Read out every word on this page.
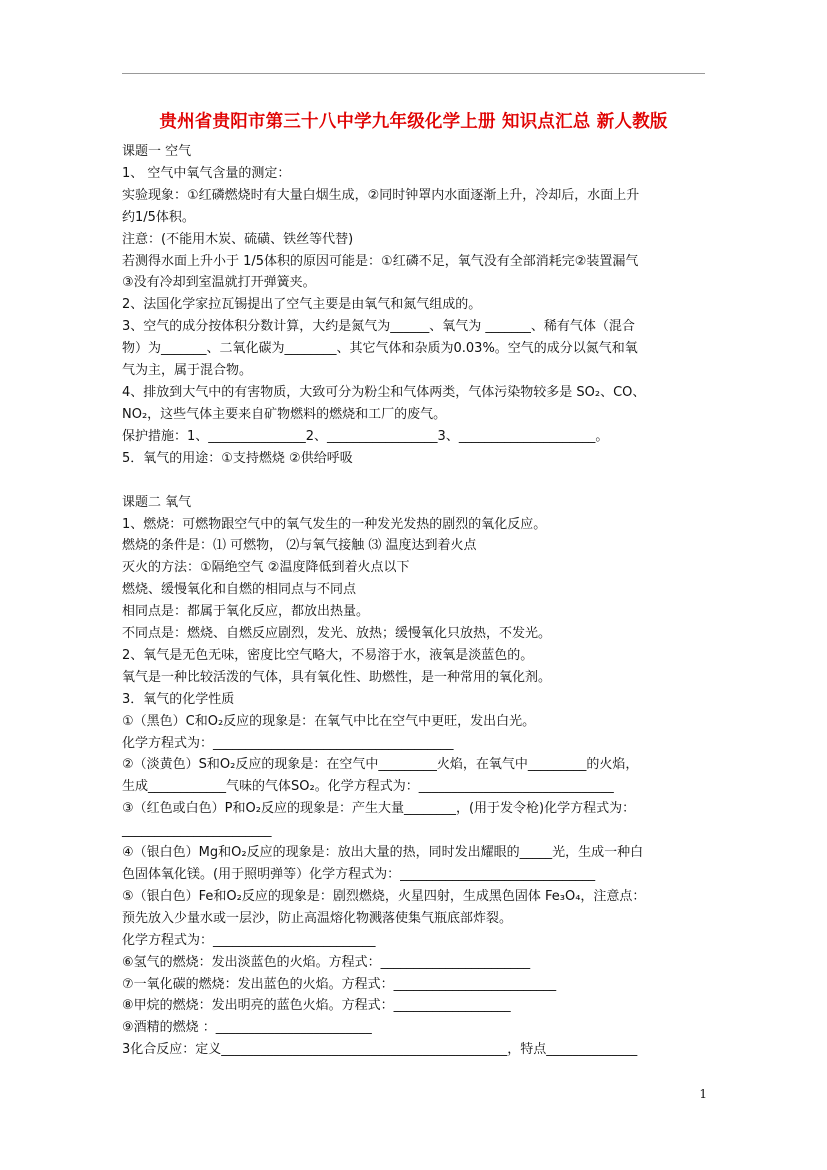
贵州省贵阳市第三十八中学九年级化学上册 知识点汇总 新人教版

课题一 空气

1、 空气中氧气含量的测定：

实验现象：①红磷燃烧时有大量白烟生成，②同时钟罩内水面逐渐上升，冷却后，水面上升

约1/5体积。

注意：(不能用木炭、硫磺、铁丝等代替)

若测得水面上升小于 1/5体积的原因可能是：①红磷不足，氧气没有全部消耗完②装置漏气

③没有冷却到室温就打开弹簧夹。

2、法国化学家拉瓦锡提出了空气主要是由氧气和氮气组成的。

3、空气的成分按体积分数计算，大约是氮气为______、氧气为 _______、稀有气体（混合

物）为_______、二氧化碳为________、其它气体和杂质为0.03%。空气的成分以氮气和氧

气为主，属于混合物。

4、排放到大气中的有害物质，大致可分为粉尘和气体两类，气体污染物较多是 SO₂、CO、

NO₂，这些气体主要来自矿物燃料的燃烧和工厂的废气。

保护措施：1、_______________2、_________________3、_____________________。

5．氧气的用途：①支持燃烧 ②供给呼吸

课题二 氧气

1、燃烧：可燃物跟空气中的氧气发生的一种发光发热的剧烈的氧化反应。

燃烧的条件是：⑴ 可燃物， ⑵与氧气接触 ⑶ 温度达到着火点

灭火的方法：①隔绝空气 ②温度降低到着火点以下

燃烧、缓慢氧化和自燃的相同点与不同点

相同点是：都属于氧化反应，都放出热量。

不同点是：燃烧、自燃反应剧烈，发光、放热；缓慢氧化只放热，不发光。

2、氧气是无色无味，密度比空气略大，不易溶于水，液氧是淡蓝色的。

氧气是一种比较活泼的气体，具有氧化性、助燃性，是一种常用的氧化剂。

3．氧气的化学性质

①（黑色）C和O₂反应的现象是：在氧气中比在空气中更旺，发出白光。

化学方程式为：_____________________________________

②（淡黄色）S和O₂反应的现象是：在空气中_________火焰，在氧气中_________的火焰，

生成____________气味的气体SO₂。化学方程式为：______________________________

③（红色或白色）P和O₂反应的现象是：产生大量________，(用于发令枪)化学方程式为：

_______________________

④（银白色）Mg和O₂反应的现象是：放出大量的热，同时发出耀眼的_____光，生成一种白

色固体氧化镁。(用于照明弹等）化学方程式为：______________________________

⑤（银白色）Fe和O₂反应的现象是：剧烈燃烧，火星四射，生成黑色固体 Fe₃O₄，注意点：

预先放入少量水或一层沙，防止高温熔化物溅落使集气瓶底部炸裂。

化学方程式为：_________________________

⑥氢气的燃烧：发出淡蓝色的火焰。方程式：_______________________

⑦一氧化碳的燃烧：发出蓝色的火焰。方程式：_________________________

⑧甲烷的燃烧：发出明亮的蓝色火焰。方程式：__________________

⑨酒精的燃烧 ：________________________

3化合反应：定义____________________________________________，特点______________

1
